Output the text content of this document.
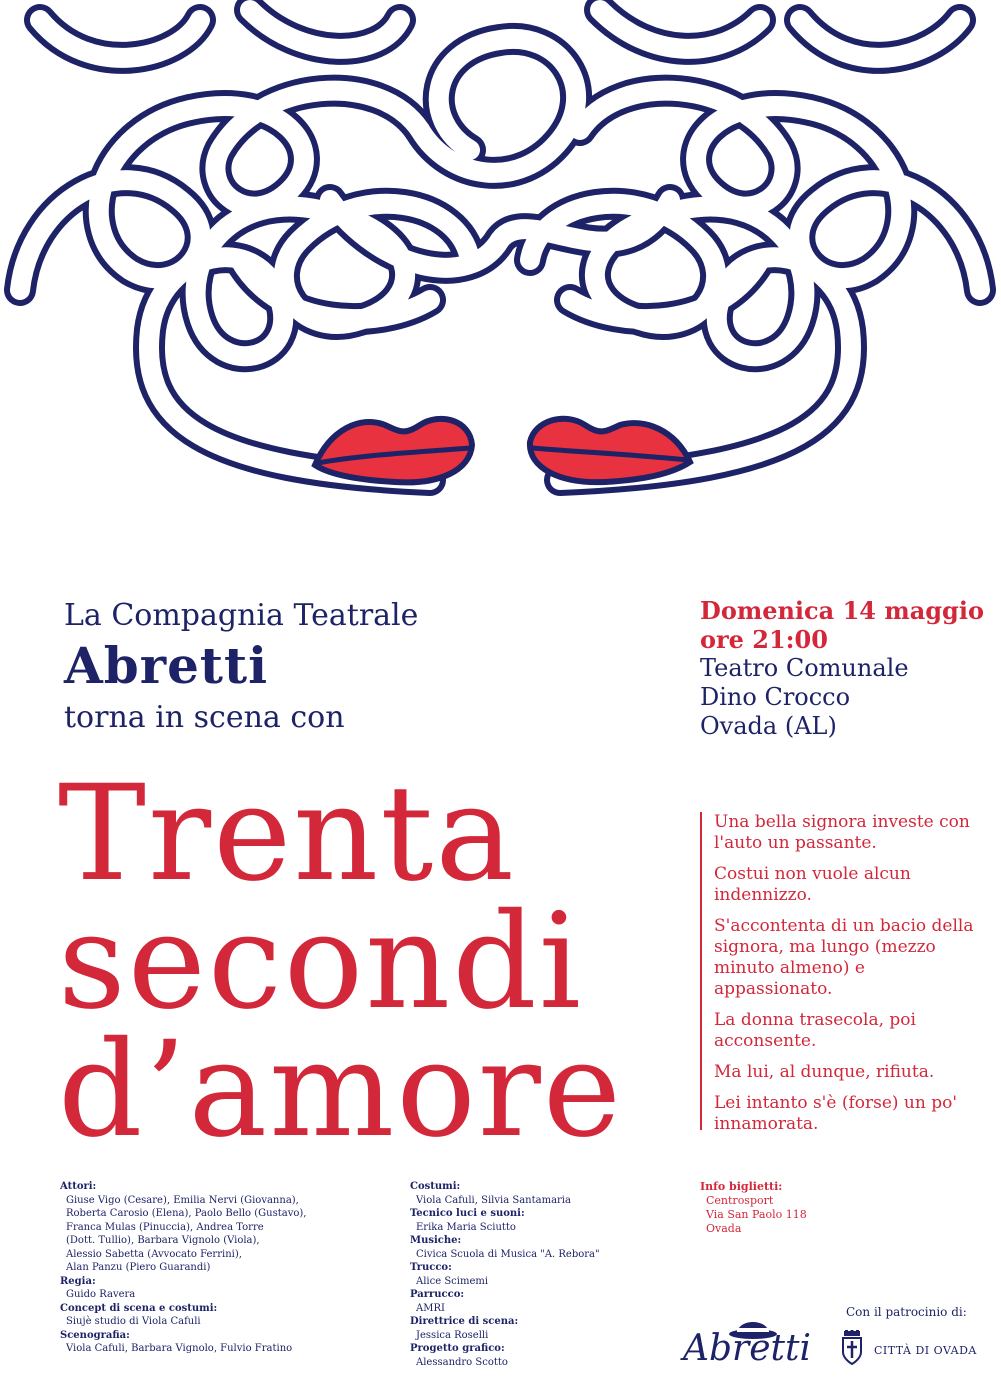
La Compagnia Teatrale
Abretti
torna in scena con
Domenica 14 maggio
ore 21:00
Teatro Comunale
Dino Crocco
Ovada (AL)
Trenta
secondi
d’amore

Una bella signora investe con l'auto un passante.

Costui non vuole alcun indennizzo.

S'accontenta di un bacio della signora, ma lungo (mezzo minuto almeno) e appassionato.

La donna trasecola, poi acconsente.

Ma lui, al dunque, rifiuta.

Lei intanto s'è (forse) un po' innamorata.

Attori:
Giuse Vigo (Cesare), Emilia Nervi (Giovanna),
Roberta Carosio (Elena), Paolo Bello (Gustavo),
Franca Mulas (Pinuccia), Andrea Torre
(Dott. Tullio), Barbara Vignolo (Viola),
Alessio Sabetta (Avvocato Ferrini),
Alan Panzu (Piero Guarandi)
Regia:
Guido Ravera
Concept di scena e costumi:
Siujè studio di Viola Cafuli
Scenografia:
Viola Cafuli, Barbara Vignolo, Fulvio Fratino
Costumi:
Viola Cafuli, Silvia Santamaria
Tecnico luci e suoni:
Erika Maria Sciutto
Musiche:
Civica Scuola di Musica "A. Rebora"
Trucco:
Alice Scimemi
Parrucco:
AMRI
Direttrice di scena:
Jessica Roselli
Progetto grafico:
Alessandro Scotto
Info biglietti:
Centrosport
Via San Paolo 118
Ovada
Abretti
Con il patrocinio di:
CITTÀ DI OVADA
